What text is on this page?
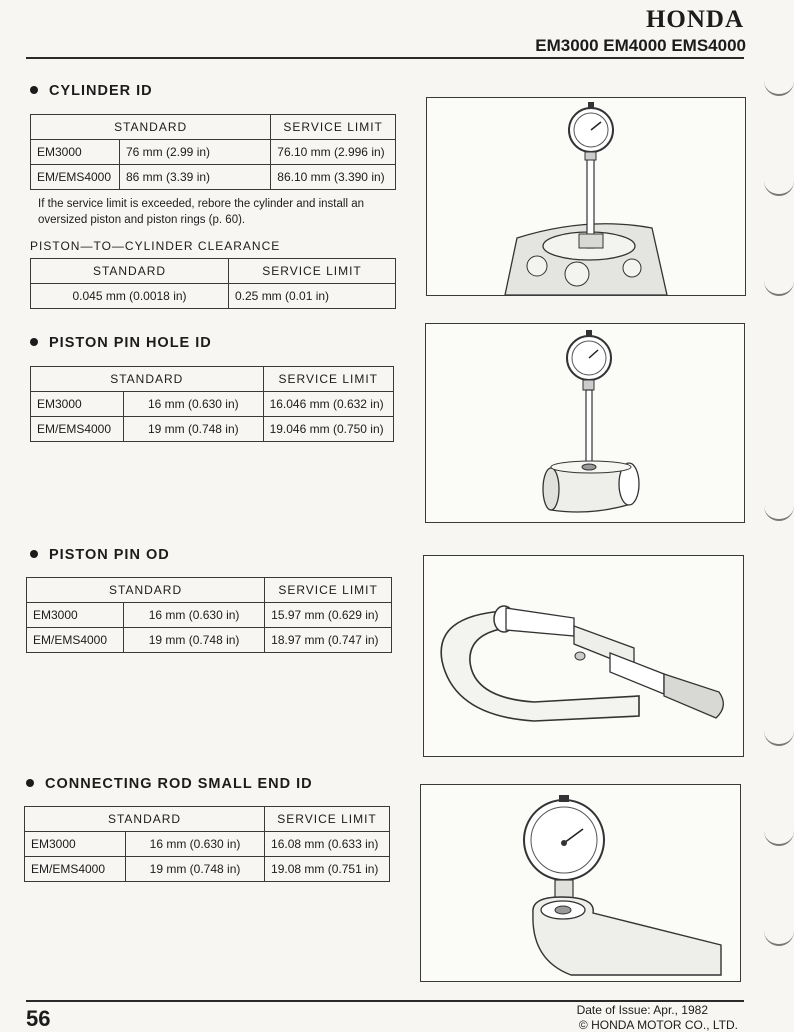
HONDA
EM3000 EM4000 EMS4000
CYLINDER ID
STANDARD		SERVICE LIMIT
EM3000	76 mm (2.99 in)	76.10 mm (2.996 in)
EM/EMS4000	86 mm (3.39 in)	86.10 mm (3.390 in)
If the service limit is exceeded, rebore the cylinder and install an oversized piston and piston rings (p. 60).
PISTON—TO—CYLINDER CLEARANCE
STANDARD	SERVICE LIMIT
0.045 mm (0.0018 in)	0.25 mm (0.01 in)
PISTON PIN HOLE ID
STANDARD		SERVICE LIMIT
EM3000	16 mm (0.630 in)	16.046 mm (0.632 in)
EM/EMS4000	19 mm (0.748 in)	19.046 mm (0.750 in)
PISTON PIN OD
STANDARD		SERVICE LIMIT
EM3000	16 mm (0.630 in)	15.97 mm (0.629 in)
EM/EMS4000	19 mm (0.748 in)	18.97 mm (0.747 in)
CONNECTING ROD SMALL END ID
STANDARD		SERVICE LIMIT
EM3000	16 mm (0.630 in)	16.08 mm (0.633 in)
EM/EMS4000	19 mm (0.748 in)	19.08 mm (0.751 in)
56	Date of Issue: Apr., 1982
© HONDA MOTOR CO., LTD.
